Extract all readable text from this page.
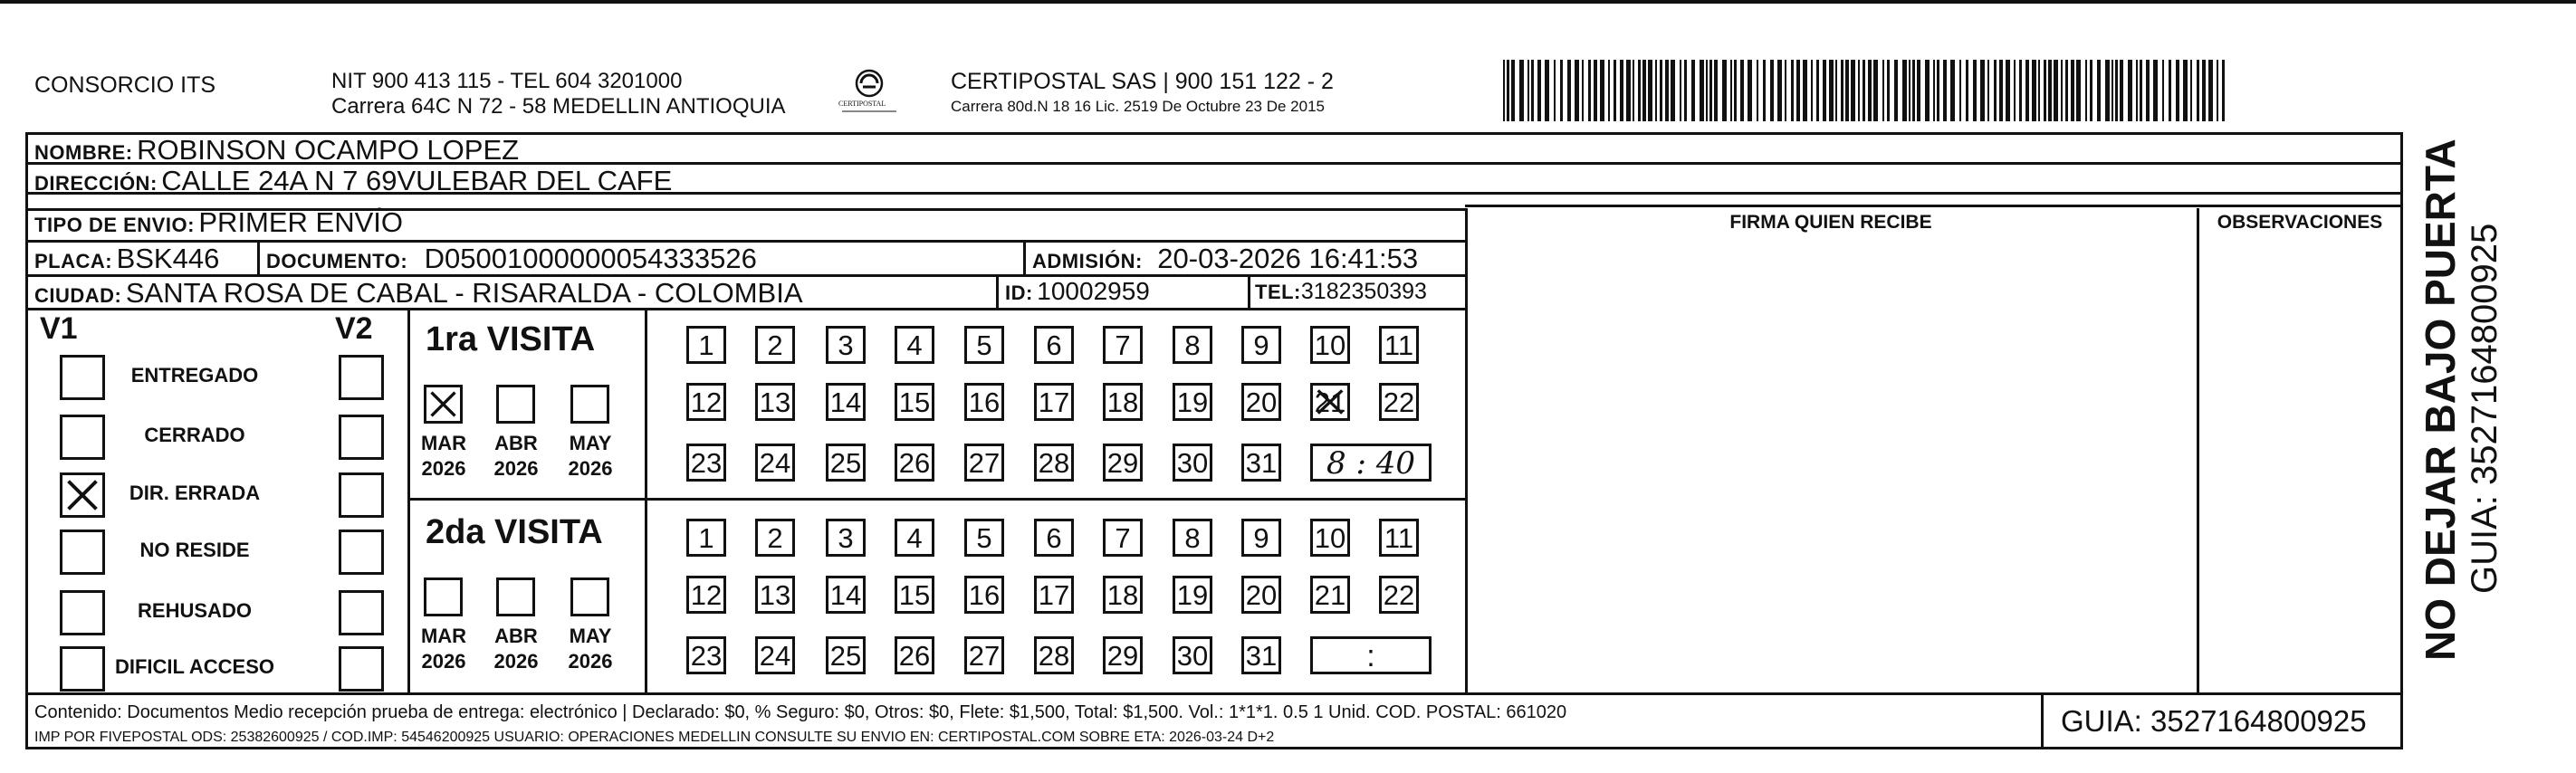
CONSORCIO ITS	NIT 900 413 115 - TEL 604 3201000
Carrera 64C N 72 - 58 MEDELLIN ANTIOQUIA	CERTIPOSTAL
CERTIPOSTAL SAS | 900 151 122 - 2
Carrera 80d.N 18 16 Lic. 2519 De Octubre 23 De 2015
NOMBRE: ROBINSON OCAMPO LOPEZ
DIRECCIÓN: CALLE 24A N 7 69VULEBAR DEL CAFE
TIPO DE ENVIO: PRIMER ENVÍO
PLACA: BSK446 DOCUMENTO: D05001000000054333526	ADMISIÓN: 20-03-2026 16:41:53
CIUDAD: SANTA ROSA DE CABAL - RISARALDA - COLOMBIA	ID: 10002959	TEL:3182350393
FIRMA QUIEN RECIBE	OBSERVACIONES
V1	V2
ENTREGADO
CERRADO
DIR. ERRADA
NO RESIDE
REHUSADO
DIFICIL ACCESO
1ra VISITA
MAR
2026
ABR
2026
MAY
2026
1	2	3	4	5	6	7	8	9	10 11
12 13 14 15 16 17 18 19 20 21 22
23 24 25 26 27 28 29 30 31	8 : 40
2da VISITA
MAR
2026
ABR
2026
MAY
2026
1	2	3	4	5	6	7	8	9	10 11
12 13 14 15 16 17 18 19 20 21 22
23 24 25 26 27 28 29 30 31	:
Contenido: Documentos Medio recepción prueba de entrega: electrónico | Declarado: $0, % Seguro: $0, Otros: $0, Flete: $1,500, Total: $1,500. Vol.: 1*1*1. 0.5 1 Unid. COD. POSTAL: 661020
IMP POR FIVEPOSTAL ODS: 25382600925 / COD.IMP: 54546200925 USUARIO: OPERACIONES MEDELLIN CONSULTE SU ENVIO EN: CERTIPOSTAL.COM SOBRE ETA: 2026-03-24 D+2	GUIA: 3527164800925
NO DEJAR BAJO PUERTA GUIA: 3527164800925
